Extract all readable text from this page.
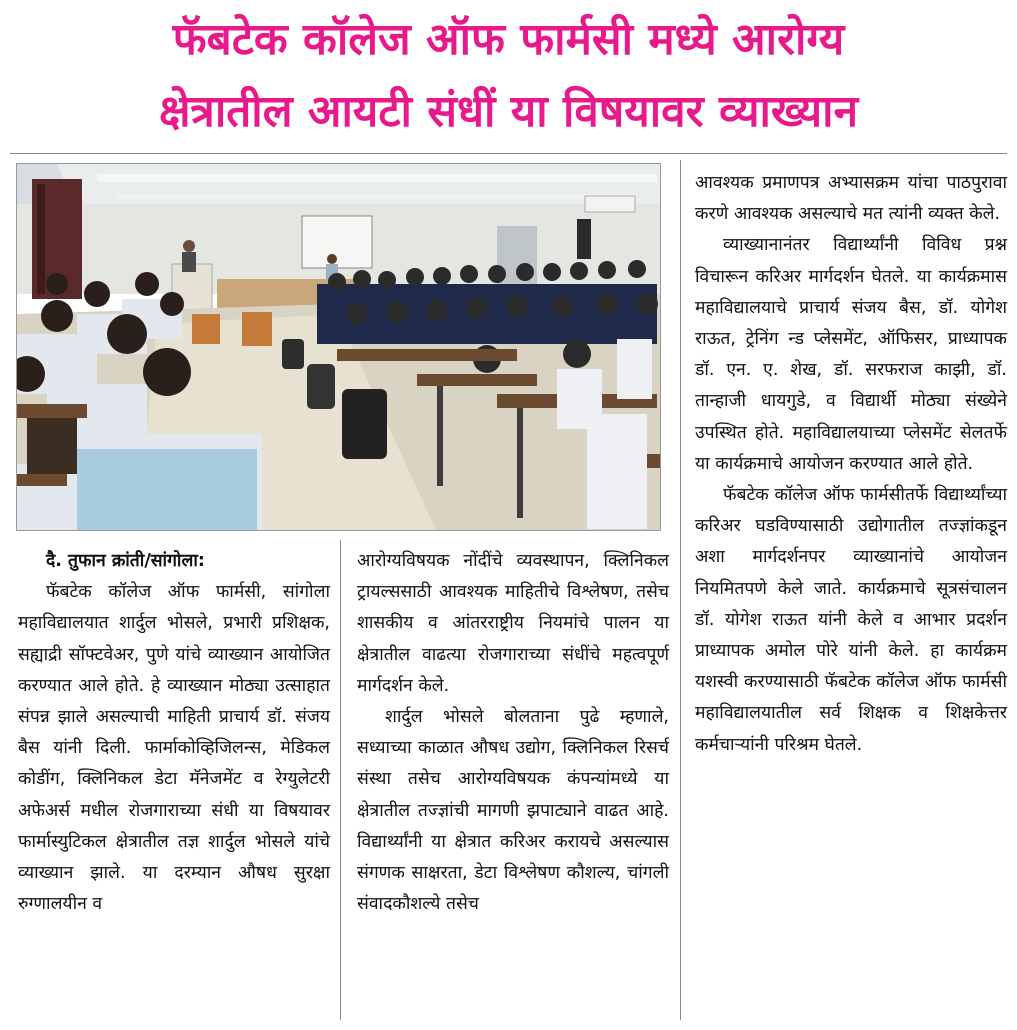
फॅबटेक कॉलेज ऑफ फार्मसी मध्ये आरोग्य
क्षेत्रातील आयटी संधीं या विषयावर व्याख्यान

आवश्यक प्रमाणपत्र अभ्यासक्रम यांचा पाठपुरावा करणे आवश्यक असल्याचे मत त्यांनी व्यक्त केले.

व्याख्यानानंतर विद्यार्थ्यांनी विविध प्रश्न विचारून करिअर मार्गदर्शन घेतले. या कार्यक्रमास महाविद्यालयाचे प्राचार्य संजय बैस, डॉ. योगेश राऊत, ट्रेनिंग न्ड प्लेसमेंट, ऑफिसर, प्राध्यापक डॉ. एन. ए. शेख, डॉ. सरफराज काझी, डॉ. तान्हाजी धायगुडे, व विद्यार्थी मोठ्या संख्येने उपस्थित होते. महाविद्यालयाच्या प्लेसमेंट सेलतर्फे या कार्यक्रमाचे आयोजन करण्यात आले होते.

फॅबटेक कॉलेज ऑफ फार्मसीतर्फे विद्यार्थ्यांच्या करिअर घडविण्यासाठी उद्योगातील तज्ज्ञांकडून अशा मार्गदर्शनपर व्याख्यानांचे आयोजन नियमितपणे केले जाते. कार्यक्रमाचे सूत्रसंचालन डॉ. योगेश राऊत यांनी केले व आभार प्रदर्शन प्राध्यापक अमोल पोरे यांनी केले. हा कार्यक्रम यशस्वी करण्यासाठी फॅबटेक कॉलेज ऑफ फार्मसी महाविद्यालयातील सर्व शिक्षक व शिक्षकेत्तर कर्मचाऱ्यांनी परिश्रम घेतले.

दै. तुफान क्रांती/सांगोला:

फॅबटेक कॉलेज ऑफ फार्मसी, सांगोला महाविद्यालयात शार्दुल भोसले, प्रभारी प्रशिक्षक, सह्याद्री सॉफ्टवेअर, पुणे यांचे व्याख्यान आयोजित करण्यात आले होते. हे व्याख्यान मोठ्या उत्साहात संपन्न झाले असल्याची माहिती प्राचार्य डॉ. संजय बैस यांनी दिली. फार्माकोव्हिजिलन्स, मेडिकल कोडींग, क्लिनिकल डेटा मॅनेजमेंट व रेग्युलेटरी अफेअर्स मधील रोजगाराच्या संधी या विषयावर फार्मास्युटिकल क्षेत्रातील तज्ञ शार्दुल भोसले यांचे व्याख्यान झाले. या दरम्यान औषध सुरक्षा रुग्णालयीन व

आरोग्यविषयक नोंदींचे व्यवस्थापन, क्लिनिकल ट्रायल्ससाठी आवश्यक माहितीचे विश्लेषण, तसेच शासकीय व आंतरराष्ट्रीय नियमांचे पालन या क्षेत्रातील वाढत्या रोजगाराच्या संधींचे महत्वपूर्ण मार्गदर्शन केले.

शार्दुल भोसले बोलताना पुढे म्हणाले, सध्याच्या काळात औषध उद्योग, क्लिनिकल रिसर्च संस्था तसेच आरोग्यविषयक कंपन्यांमध्ये या क्षेत्रातील तज्ज्ञांची मागणी झपाट्याने वाढत आहे. विद्यार्थ्यांनी या क्षेत्रात करिअर करायचे असल्यास संगणक साक्षरता, डेटा विश्लेषण कौशल्य, चांगली संवादकौशल्ये तसेच
